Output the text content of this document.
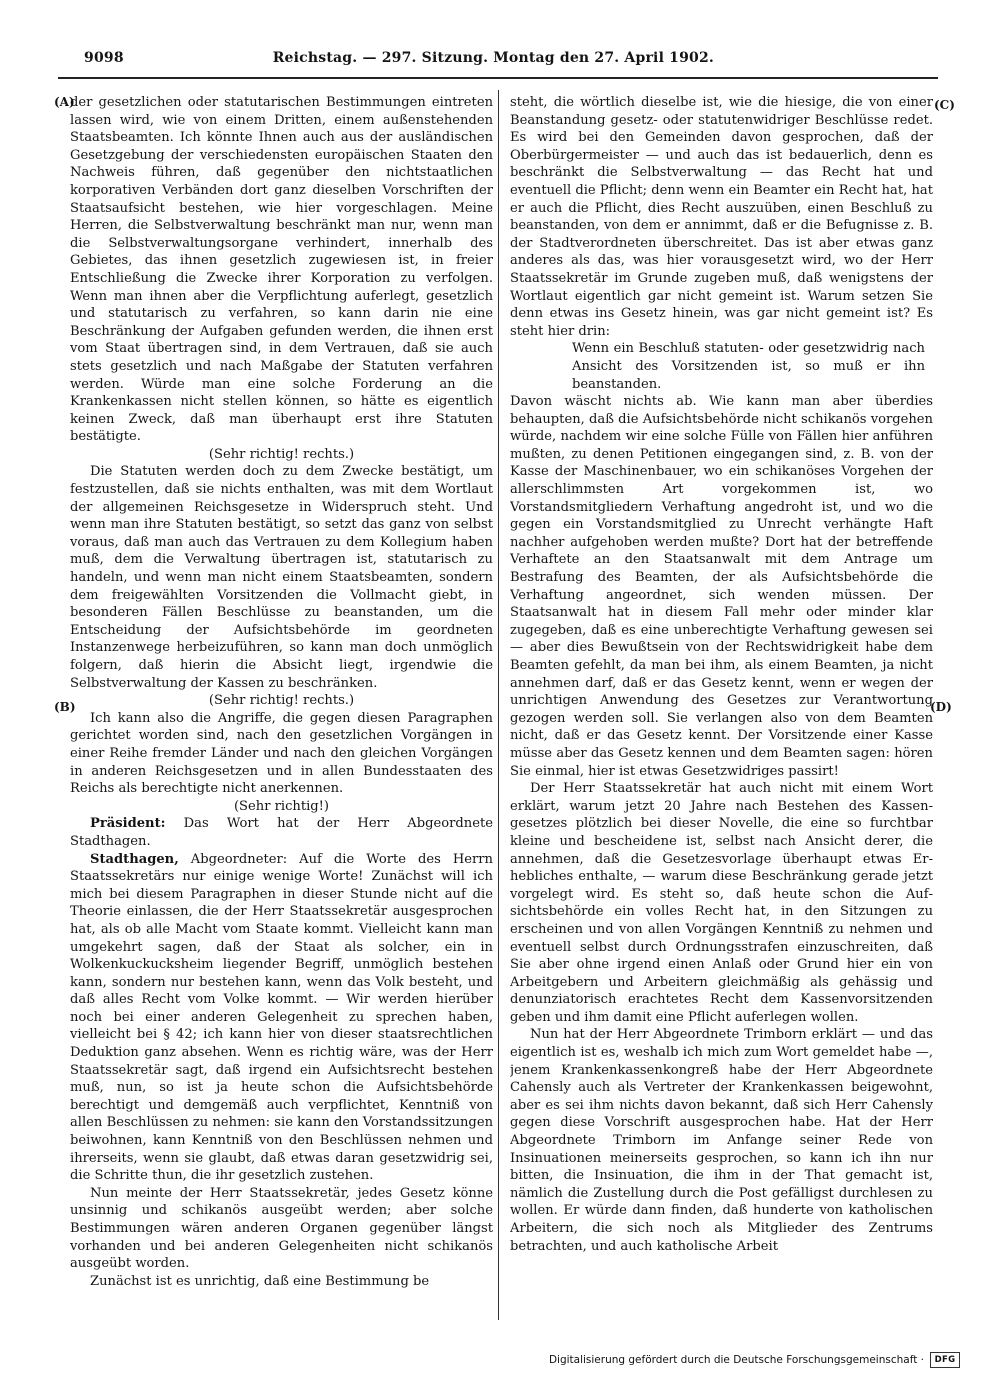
9098	Reichstag. — 297. Sitzung. Montag den 27. April 1902.
(A)
(B)
(C)
(D)

der gesetzlichen oder statutarischen Bestimmungen eintreten lassen wird, wie von einem Dritten, einem außenstehenden Staatsbeamten. Ich könnte Ihnen auch aus der ausländischen Gesetzgebung der verschiedensten europäischen Staaten den Nachweis führen, daß gegenüber den nichtstaatlichen korporativen Verbänden dort ganz dieselben Vorschriften der Staatsaufsicht bestehen, wie hier vorgeschlagen. Meine Herren, die Selbstverwaltung beschränkt man nur, wenn man die Selbstverwaltungsorgane verhindert, innerhalb des Gebietes, das ihnen gesetzlich zugewiesen ist, in freier Entschließung die Zwecke ihrer Korporation zu verfolgen. Wenn man ihnen aber die Verpflichtung auferlegt, gesetzlich und statutarisch zu verfahren, so kann darin nie eine Beschränkung der Aufgaben gefunden werden, die ihnen erst vom Staat übertragen sind, in dem Vertrauen, daß sie auch stets gesetzlich und nach Maßgabe der Statuten verfahren werden. Würde man eine solche Forderung an die Krankenkassen nicht stellen können, so hätte es eigentlich keinen Zweck, daß man überhaupt erst ihre Statuten bestätigte.

(Sehr richtig! rechts.)

Die Statuten werden doch zu dem Zwecke bestätigt, um festzustellen, daß sie nichts enthalten, was mit dem Wortlaut der allgemeinen Reichsgesetze in Widerspruch steht. Und wenn man ihre Statuten bestätigt, so setzt das ganz von selbst voraus, daß man auch das Vertrauen zu dem Kollegium haben muß, dem die Verwaltung übertragen ist, statutarisch zu handeln, und wenn man nicht einem Staatsbeamten, sondern dem freigewählten Vorsitzenden die Vollmacht giebt, in besonderen Fällen Beschlüsse zu beanstanden, um die Entscheidung der Aufsichtsbehörde im geordneten Instanzenwege herbeizuführen, so kann man doch unmöglich folgern, daß hierin die Absicht liegt, irgendwie die Selbstverwaltung der Kassen zu beschränken.

(Sehr richtig! rechts.)

Ich kann also die Angriffe, die gegen diesen Paragraphen gerichtet worden sind, nach den gesetzlichen Vorgängen in einer Reihe fremder Länder und nach den gleichen Vorgängen in anderen Reichsgesetzen und in allen Bundesstaaten des Reichs als berechtigte nicht anerkennen.

(Sehr richtig!)

Präsident: Das Wort hat der Herr Abgeordnete Stadthagen.

Stadthagen, Abgeordneter: Auf die Worte des Herrn Staatssekretärs nur einige wenige Worte! Zunächst will ich mich bei diesem Paragraphen in dieser Stunde nicht auf die Theorie einlassen, die der Herr Staatssekretär ausgesprochen hat, als ob alle Macht vom Staate kommt. Vielleicht kann man umgekehrt sagen, daß der Staat als solcher, ein in Wolkenkuckucksheim liegender Begriff, unmöglich bestehen kann, sondern nur bestehen kann, wenn das Volk besteht, und daß alles Recht vom Volke kommt. — Wir werden hierüber noch bei einer anderen Gelegenheit zu sprechen haben, vielleicht bei § 42; ich kann hier von dieser staatsrechtlichen Deduktion ganz absehen. Wenn es richtig wäre, was der Herr Staatssekretär sagt, daß irgend ein Aufsichtsrecht bestehen muß, nun, so ist ja heute schon die Aufsichtsbehörde berechtigt und demgemäß auch verpflichtet, Kenntniß von allen Beschlüssen zu nehmen: sie kann den Vorstandssitzungen beiwohnen, kann Kenntniß von den Beschlüssen nehmen und ihrerseits, wenn sie glaubt, daß etwas daran gesetzwidrig sei, die Schritte thun, die ihr gesetzlich zustehen.

Nun meinte der Herr Staatssekretär, jedes Gesetz könne unsinnig und schikanös ausgeübt werden; aber solche Bestimmungen wären anderen Organen gegenüber längst vorhanden und bei anderen Gelegenheiten nicht schikanös ausgeübt worden.

Zunächst ist es unrichtig, daß eine Bestimmung be

steht, die wörtlich dieselbe ist, wie die hiesige, die von einer Beanstandung gesetz- oder statutenwidriger Beschlüsse redet. Es wird bei den Gemeinden davon gesprochen, daß der Oberbürgermeister — und auch das ist bedauerlich, denn es beschränkt die Selbstverwaltung — das Recht hat und eventuell die Pflicht; denn wenn ein Beamter ein Recht hat, hat er auch die Pflicht, dies Recht auszuüben, einen Beschluß zu beanstanden, von dem er annimmt, daß er die Befugnisse z. B. der Stadtverordneten überschreitet. Das ist aber etwas ganz anderes als das, was hier vorausgesetzt wird, wo der Herr Staatssekretär im Grunde zugeben muß, daß wenigstens der Wortlaut eigentlich gar nicht gemeint ist. Warum setzen Sie denn etwas ins Gesetz hinein, was gar nicht gemeint ist? Es steht hier drin:

Wenn ein Beschluß statuten- oder gesetzwidrig nach Ansicht des Vorsitzenden ist, so muß er ihn beanstanden.

Davon wäscht nichts ab. Wie kann man aber überdies behaupten, daß die Aufsichtsbehörde nicht schikanös vorgehen würde, nachdem wir eine solche Fülle von Fällen hier anführen mußten, zu denen Petitionen eingegangen sind, z. B. von der Kasse der Maschinenbauer, wo ein schikanöses Vorgehen der allerschlimmsten Art vorgekommen ist, wo Vorstandsmitgliedern Verhaftung angedroht ist, und wo die gegen ein Vorstandsmitglied zu Unrecht verhängte Haft nachher aufgehoben werden mußte? Dort hat der betreffende Verhaftete an den Staatsanwalt mit dem Antrage um Bestrafung des Beamten, der als Aufsichtsbehörde die Verhaftung angeordnet, sich wenden müssen. Der Staatsanwalt hat in diesem Fall mehr oder minder klar zugegeben, daß es eine unberechtigte Verhaftung gewesen sei — aber dies Bewußtsein von der Rechtswidrigkeit habe dem Beamten gefehlt, da man bei ihm, als einem Beamten, ja nicht annehmen darf, daß er das Gesetz kennt, wenn er wegen der unrichtigen Anwendung des Gesetzes zur Verantwortung gezogen werden soll. Sie verlangen also von dem Beamten nicht, daß er das Gesetz kennt. Der Vorsitzende einer Kasse müsse aber das Gesetz kennen und dem Beamten sagen: hören Sie einmal, hier ist etwas Gesetzwidriges passirt!

Der Herr Staatssekretär hat auch nicht mit einem Wort erklärt, warum jetzt 20 Jahre nach Bestehen des Kassengesetzes plötzlich bei dieser Novelle, die eine so furchtbar kleine und bescheidene ist, selbst nach Ansicht derer, die annehmen, daß die Gesetzesvorlage überhaupt etwas Erhebliches enthalte, — warum diese Beschränkung gerade jetzt vorgelegt wird. Es steht so, daß heute schon die Aufsichtsbehörde ein volles Recht hat, in den Sitzungen zu erscheinen und von allen Vorgängen Kenntniß zu nehmen und eventuell selbst durch Ordnungsstrafen einzuschreiten, daß Sie aber ohne irgend einen Anlaß oder Grund hier ein von Arbeitgebern und Arbeitern gleichmäßig als gehässig und denunziatorisch erachtetes Recht dem Kassenvorsitzenden geben und ihm damit eine Pflicht auferlegen wollen.

Nun hat der Herr Abgeordnete Trimborn erklärt — und das eigentlich ist es, weshalb ich mich zum Wort gemeldet habe —, jenem Krankenkassenkongreß habe der Herr Abgeordnete Cahensly auch als Vertreter der Krankenkassen beigewohnt, aber es sei ihm nichts davon bekannt, daß sich Herr Cahensly gegen diese Vorschrift ausgesprochen habe. Hat der Herr Abgeordnete Trimborn im Anfange seiner Rede von Insinuationen meinerseits gesprochen, so kann ich ihn nur bitten, die Insinuation, die ihm in der That gemacht ist, nämlich die Zustellung durch die Post gefälligst durchlesen zu wollen. Er würde dann finden, daß hunderte von katholischen Arbeitern, die sich noch als Mitglieder des Zentrums betrachten, und auch katholische Arbeit

Digitalisierung gefördert durch die Deutsche Forschungsgemeinschaft ·	DFG
